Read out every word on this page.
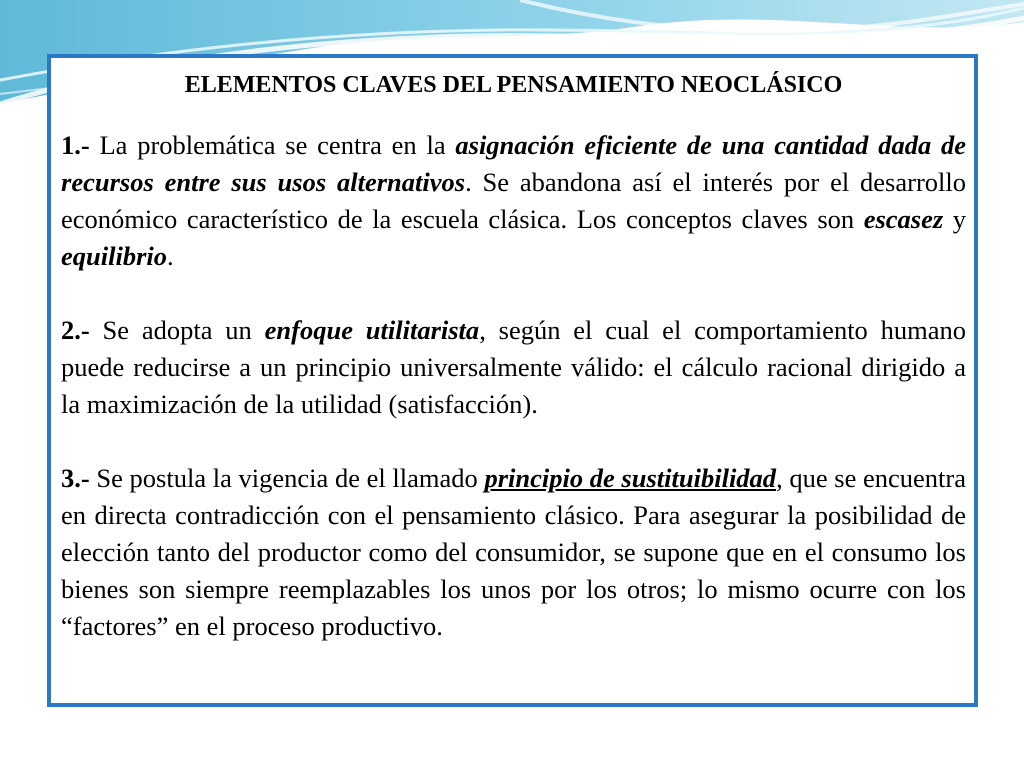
ELEMENTOS CLAVES DEL PENSAMIENTO NEOCLÁSICO

1.- La problemática se centra en la asignación eficiente de una cantidad dada de recursos entre sus usos alternativos. Se abandona así el interés por el desarrollo económico característico de la escuela clásica. Los conceptos claves son escasez y equilibrio.

2.- Se adopta un enfoque utilitarista, según el cual el comportamiento humano puede reducirse a un principio universalmente válido: el cálculo racional dirigido a la maximización de la utilidad (satisfacción).

3.- Se postula la vigencia de el llamado principio de sustituibilidad, que se encuentra en directa contradicción con el pensamiento clásico. Para asegurar la posibilidad de elección tanto del productor como del consumidor, se supone que en el consumo los bienes son siempre reemplazables los unos por los otros; lo mismo ocurre con los “factores” en el proceso productivo.
